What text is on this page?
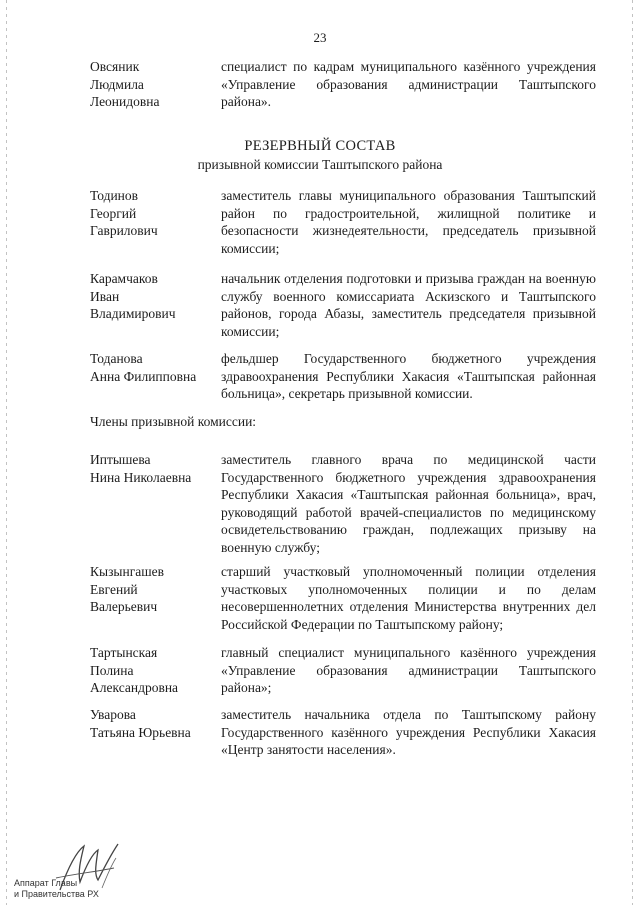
23
Овсяник
Людмила
Леонидовна
специалист по кадрам муниципального казённого учреждения «Управление образования администрации Таштыпского района».
РЕЗЕРВНЫЙ СОСТАВ
призывной комиссии Таштыпского района
Тодинов
Георгий
Гаврилович
заместитель главы муниципального образования Таштыпский район по градостроительной, жилищной политике и безопасности жизнедеятельности, председатель призывной комиссии;
Карамчаков
Иван
Владимирович
начальник отделения подготовки и призыва граждан на военную службу военного комиссариата Аскизского и Таштыпского районов, города Абазы, заместитель председателя призывной комиссии;
Тоданова
Анна Филипповна
фельдшер Государственного бюджетного учреждения здравоохранения Республики Хакасия «Таштыпская районная больница», секретарь призывной комиссии.
Члены призывной комиссии:
Иптышева
Нина Николаевна
заместитель главного врача по медицинской части Государственного бюджетного учреждения здравоохранения Республики Хакасия «Таштыпская районная больница», врач, руководящий работой врачей-специалистов по медицинскому освидетельствованию граждан, подлежащих призыву на военную службу;
Кызынгашев
Евгений
Валерьевич
старший участковый уполномоченный полиции отделения участковых уполномоченных полиции и по делам несовершеннолетних отделения Министерства внутренних дел Российской Федерации по Таштыпскому району;
Тартынская
Полина
Александровна
главный специалист муниципального казённого учреждения «Управление образования администрации Таштыпского района»;
Уварова
Татьяна Юрьевна
заместитель начальника отдела по Таштыпскому району Государственного казённого учреждения Республики Хакасия «Центр занятости населения».
Аппарат Главы
и Правительства РХ
